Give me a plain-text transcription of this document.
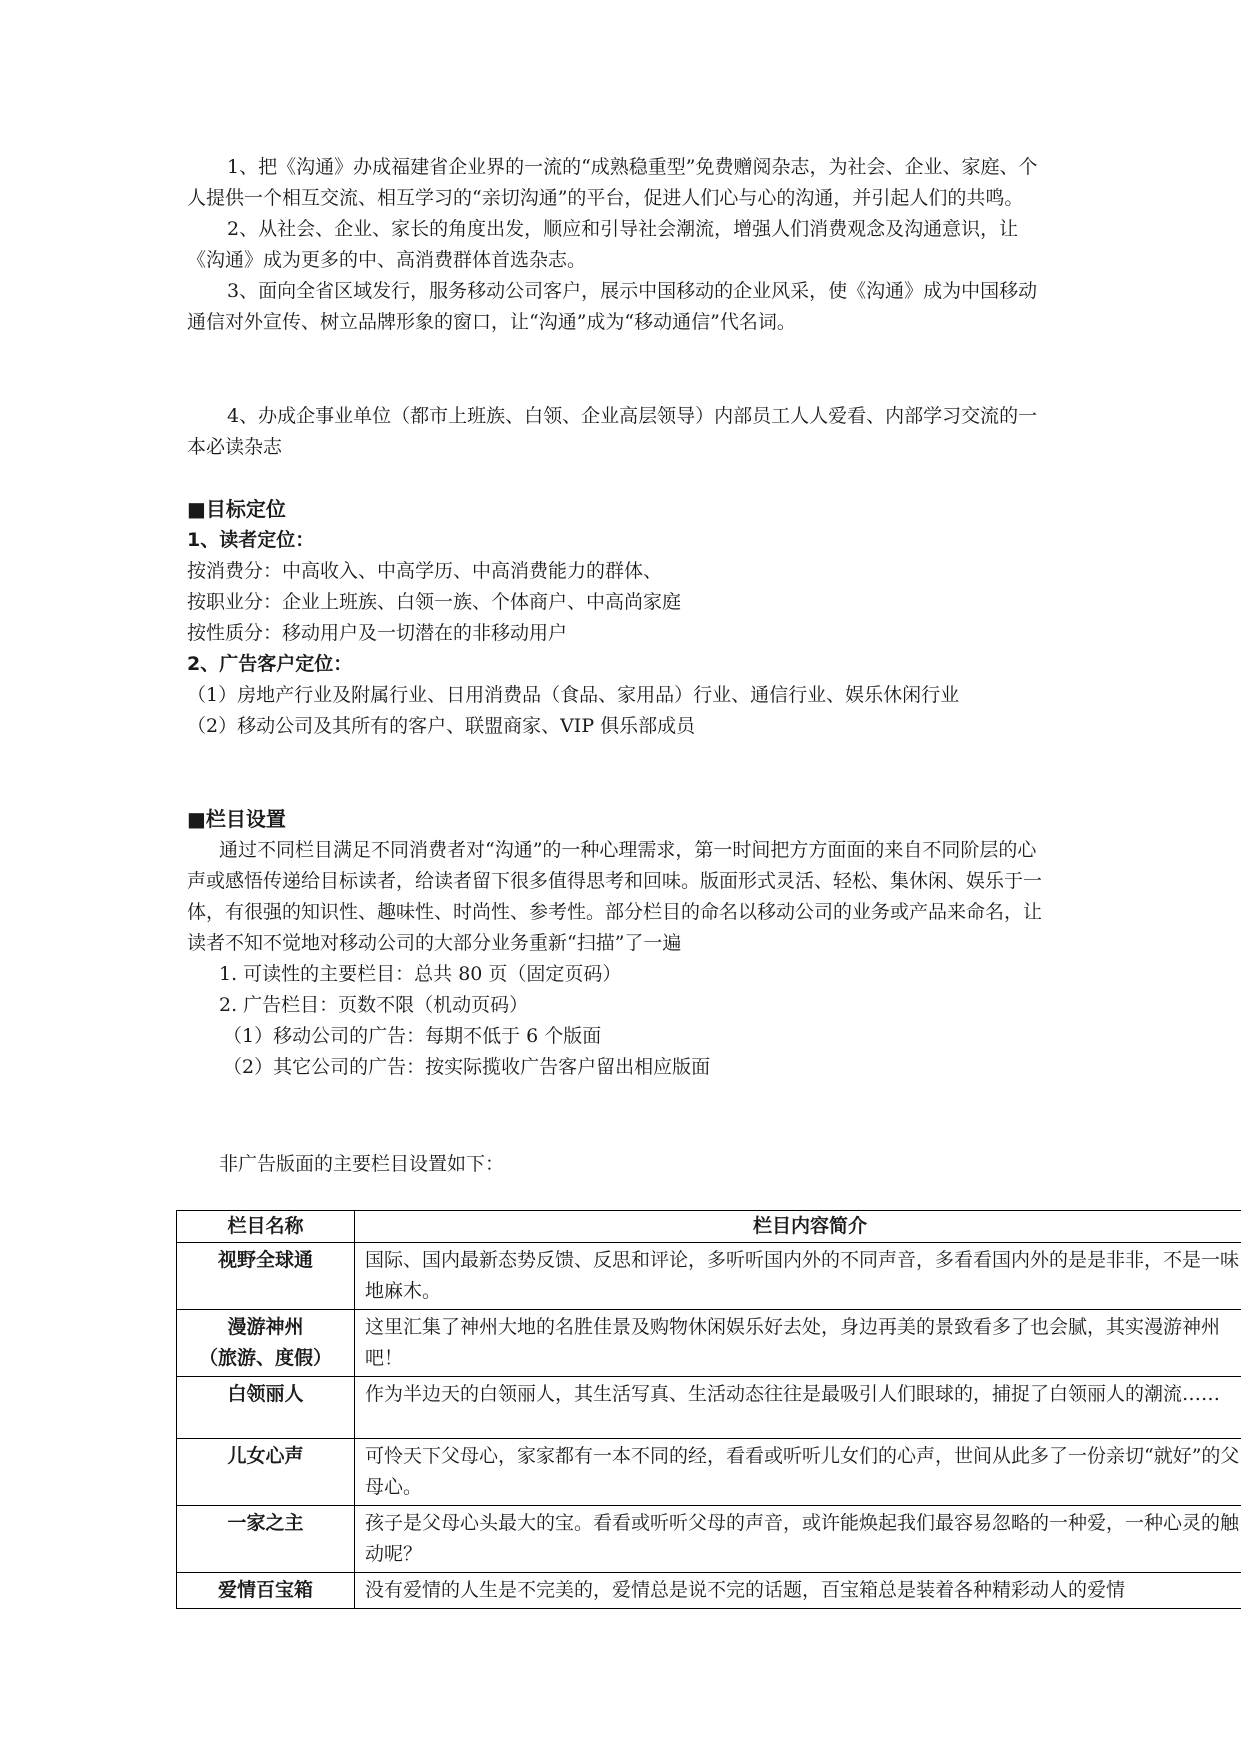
1、把《沟通》办成福建省企业界的一流的“成熟稳重型”免费赠阅杂志，为社会、企业、家庭、个人提供一个相互交流、相互学习的“亲切沟通”的平台，促进人们心与心的沟通，并引起人们的共鸣。

2、从社会、企业、家长的角度出发，顺应和引导社会潮流，增强人们消费观念及沟通意识，让《沟通》成为更多的中、高消费群体首选杂志。

3、面向全省区域发行，服务移动公司客户，展示中国移动的企业风采，使《沟通》成为中国移动通信对外宣传、树立品牌形象的窗口，让“沟通”成为“移动通信”代名词。

4、办成企事业单位（都市上班族、白领、企业高层领导）内部员工人人爱看、内部学习交流的一本必读杂志

■目标定位

1、读者定位：

按消费分：中高收入、中高学历、中高消费能力的群体、

按职业分：企业上班族、白领一族、个体商户、中高尚家庭

按性质分：移动用户及一切潜在的非移动用户

2、广告客户定位：

（1）房地产行业及附属行业、日用消费品（食品、家用品）行业、通信行业、娱乐休闲行业

（2）移动公司及其所有的客户、联盟商家、VIP 俱乐部成员

■栏目设置

通过不同栏目满足不同消费者对“沟通”的一种心理需求，第一时间把方方面面的来自不同阶层的心声或感悟传递给目标读者，给读者留下很多值得思考和回味。版面形式灵活、轻松、集休闲、娱乐于一体，有很强的知识性、趣味性、时尚性、参考性。部分栏目的命名以移动公司的业务或产品来命名，让读者不知不觉地对移动公司的大部分业务重新“扫描”了一遍

1. 可读性的主要栏目：总共 80 页（固定页码）

2. 广告栏目：页数不限（机动页码）

（1）移动公司的广告：每期不低于 6 个版面

（2）其它公司的广告：按实际揽收广告客户留出相应版面

非广告版面的主要栏目设置如下：

栏目名称	栏目内容简介

视野全球通	国际、国内最新态势反馈、反思和评论，多听听国内外的不同声音，多看看国内外的是是非非，不是一味地麻木。

漫游神州
（旅游、度假）	这里汇集了神州大地的名胜佳景及购物休闲娱乐好去处，身边再美的景致看多了也会腻，其实漫游神州吧！

白领丽人	作为半边天的白领丽人，其生活写真、生活动态往往是最吸引人们眼球的，捕捉了白领丽人的潮流……

儿女心声	可怜天下父母心，家家都有一本不同的经，看看或听听儿女们的心声，世间从此多了一份亲切“就好”的父母心。

一家之主	孩子是父母心头最大的宝。看看或听听父母的声音，或许能焕起我们最容易忽略的一种爱，一种心灵的触动呢？

爱情百宝箱	没有爱情的人生是不完美的，爱情总是说不完的话题，百宝箱总是装着各种精彩动人的爱情
